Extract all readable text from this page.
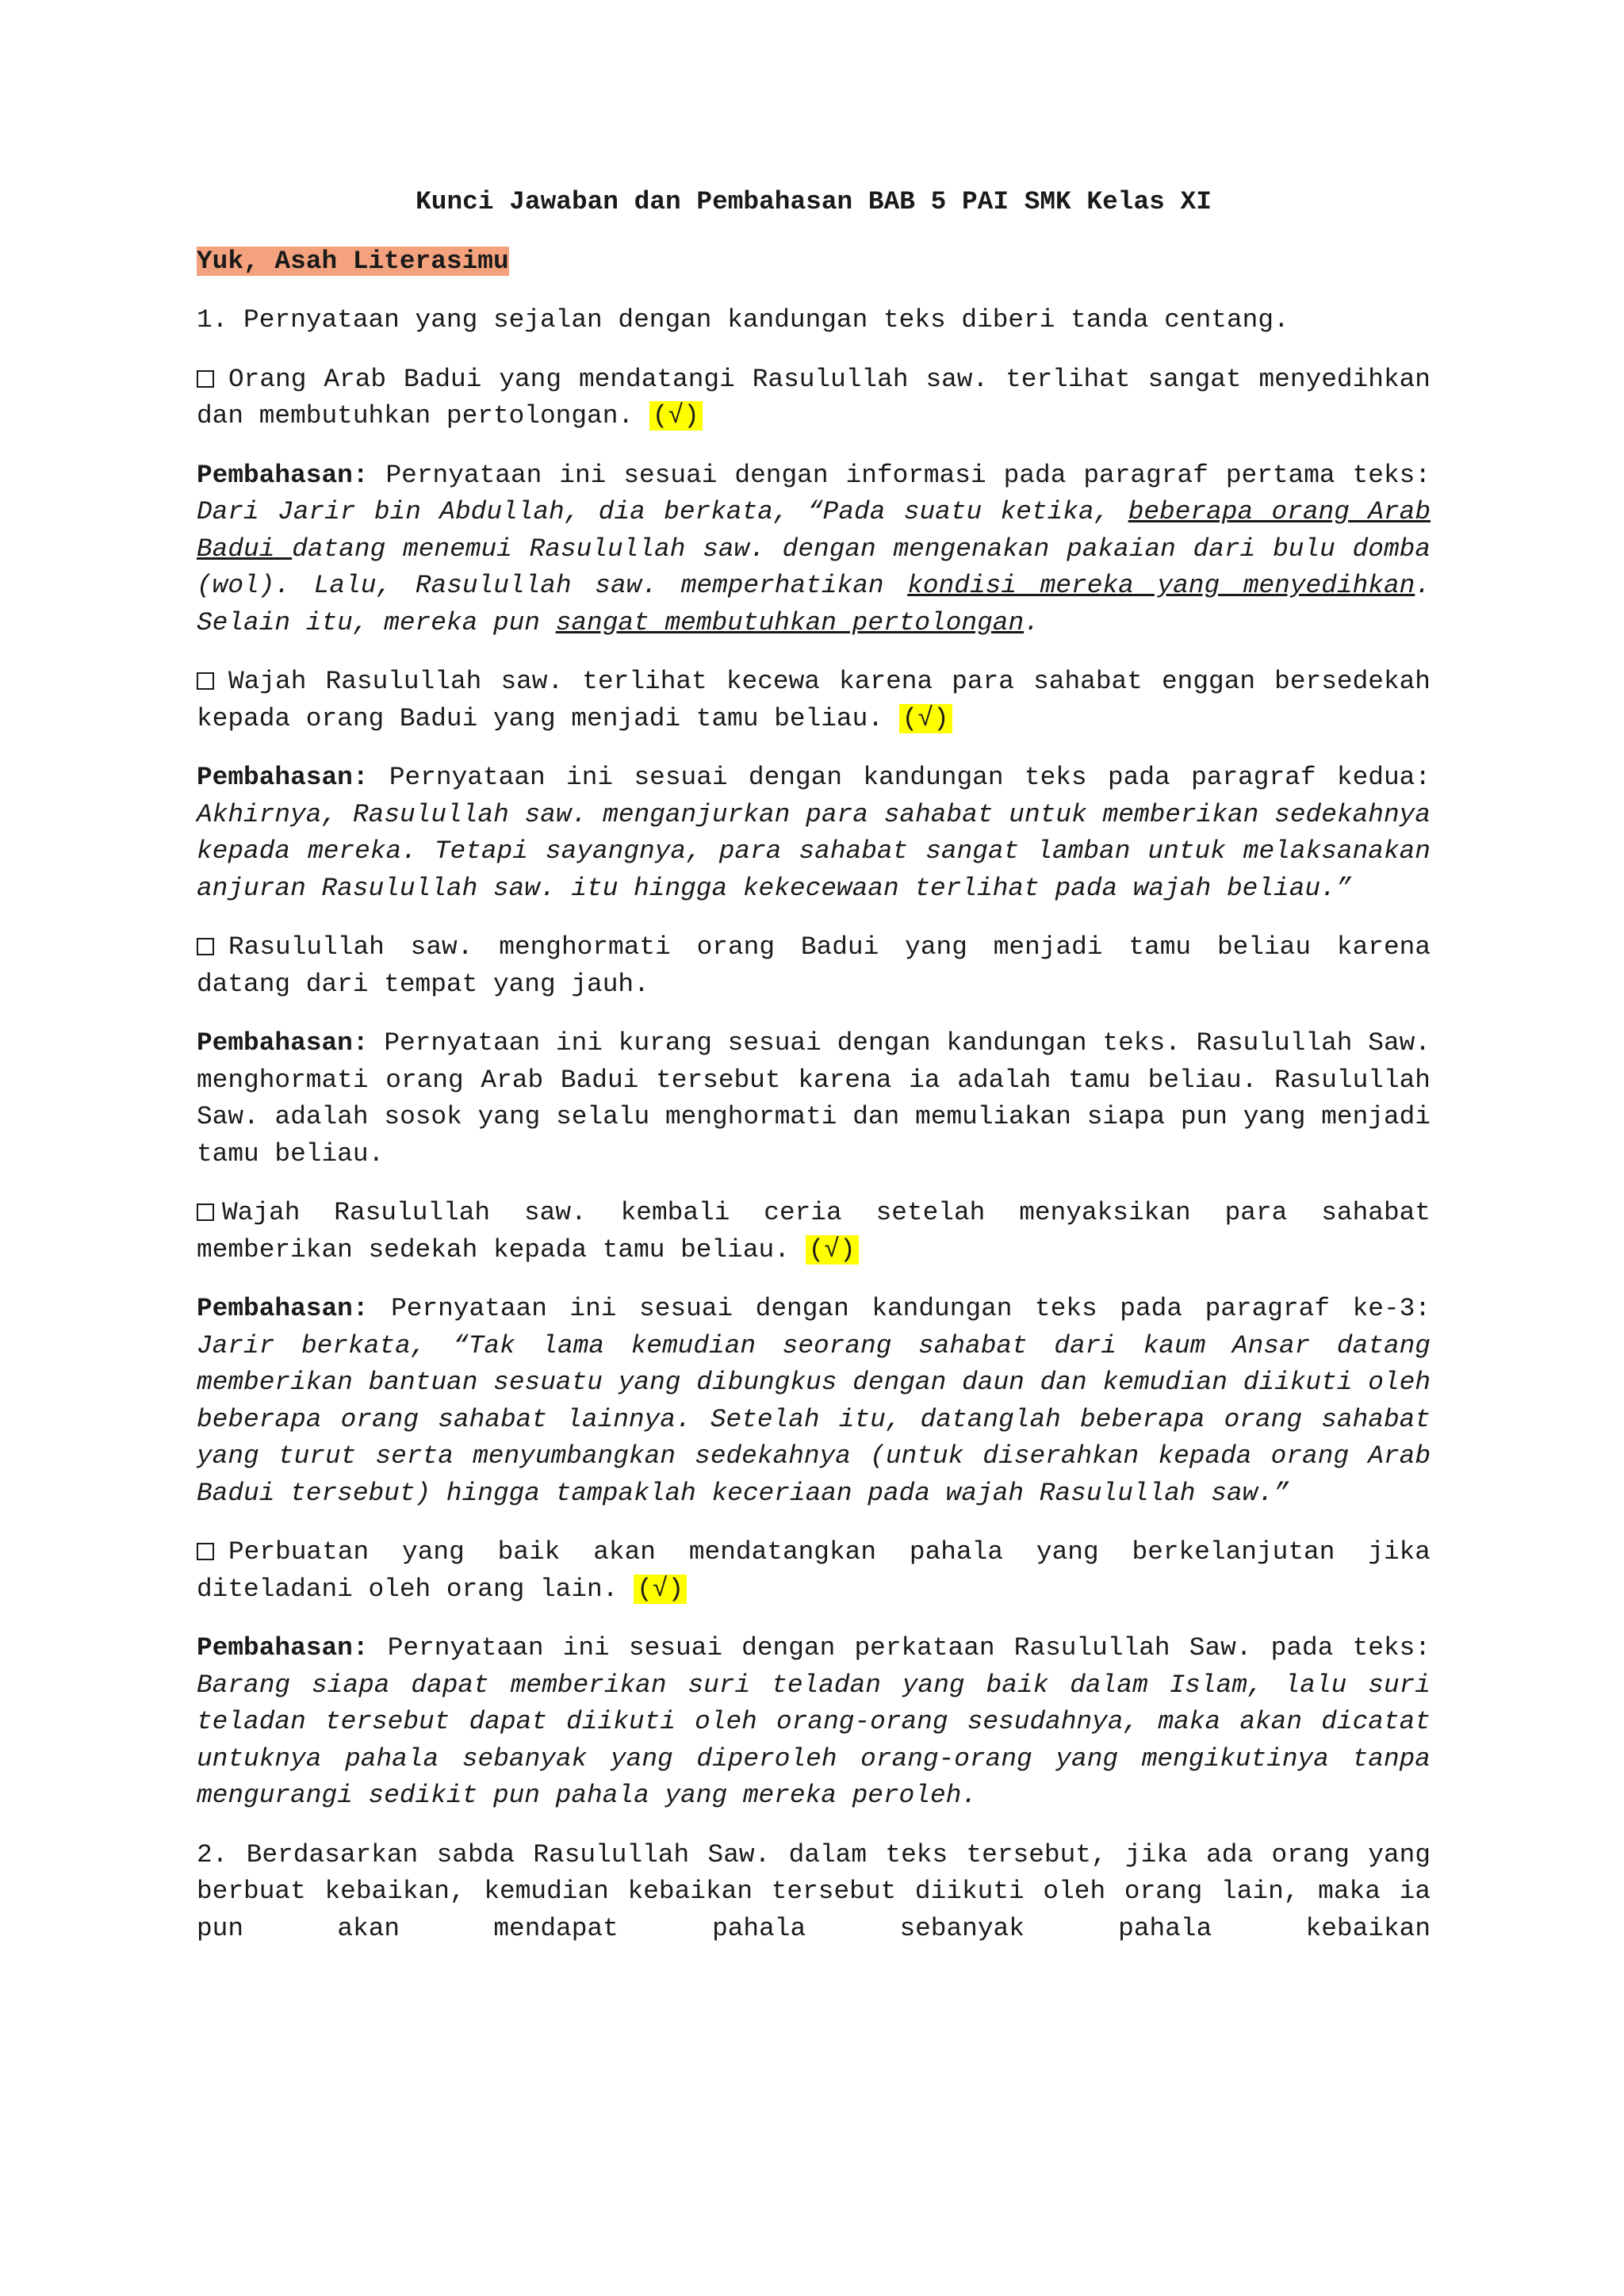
Kunci Jawaban dan Pembahasan BAB 5 PAI SMK Kelas XI
Yuk, Asah Literasimu

1. Pernyataan yang sejalan dengan kandungan teks diberi tanda centang.

Orang Arab Badui yang mendatangi Rasulullah saw. terlihat sangat menyedihkan dan membutuhkan pertolongan. (√)

Pembahasan: Pernyataan ini sesuai dengan informasi pada paragraf pertama teks: Dari Jarir bin Abdullah, dia berkata, “Pada suatu ketika, beberapa orang Arab Badui datang menemui Rasulullah saw. dengan mengenakan pakaian dari bulu domba (wol). Lalu, Rasulullah saw. memperhatikan kondisi mereka yang menyedihkan. Selain itu, mereka pun sangat membutuhkan pertolongan.

Wajah Rasulullah saw. terlihat kecewa karena para sahabat enggan bersedekah kepada orang Badui yang menjadi tamu beliau. (√)

Pembahasan: Pernyataan ini sesuai dengan kandungan teks pada paragraf kedua: Akhirnya, Rasulullah saw. menganjurkan para sahabat untuk memberikan sedekahnya kepada mereka. Tetapi sayangnya, para sahabat sangat lamban untuk melaksanakan anjuran Rasulullah saw. itu hingga kekecewaan terlihat pada wajah beliau.”

Rasulullah saw. menghormati orang Badui yang menjadi tamu beliau karena datang dari tempat yang jauh.

Pembahasan: Pernyataan ini kurang sesuai dengan kandungan teks. Rasulullah Saw. menghormati orang Arab Badui tersebut karena ia adalah tamu beliau. Rasulullah Saw. adalah sosok yang selalu menghormati dan memuliakan siapa pun yang menjadi tamu beliau.

Wajah Rasulullah saw. kembali ceria setelah menyaksikan para sahabat memberikan sedekah kepada tamu beliau. (√)

Pembahasan: Pernyataan ini sesuai dengan kandungan teks pada paragraf ke-3: Jarir berkata, “Tak lama kemudian seorang sahabat dari kaum Ansar datang memberikan bantuan sesuatu yang dibungkus dengan daun dan kemudian diikuti oleh beberapa orang sahabat lainnya. Setelah itu, datanglah beberapa orang sahabat yang turut serta menyumbangkan sedekahnya (untuk diserahkan kepada orang Arab Badui tersebut) hingga tampaklah keceriaan pada wajah Rasulullah saw.”

Perbuatan yang baik akan mendatangkan pahala yang berkelanjutan jika diteladani oleh orang lain. (√)

Pembahasan: Pernyataan ini sesuai dengan perkataan Rasulullah Saw. pada teks: Barang siapa dapat memberikan suri teladan yang baik dalam Islam, lalu suri teladan tersebut dapat diikuti oleh orang-orang sesudahnya, maka akan dicatat untuknya pahala sebanyak yang diperoleh orang-orang yang mengikutinya tanpa mengurangi sedikit pun pahala yang mereka peroleh.

2. Berdasarkan sabda Rasulullah Saw. dalam teks tersebut, jika ada orang yang berbuat kebaikan, kemudian kebaikan tersebut diikuti oleh orang lain, maka ia pun akan mendapat pahala sebanyak pahala kebaikan
